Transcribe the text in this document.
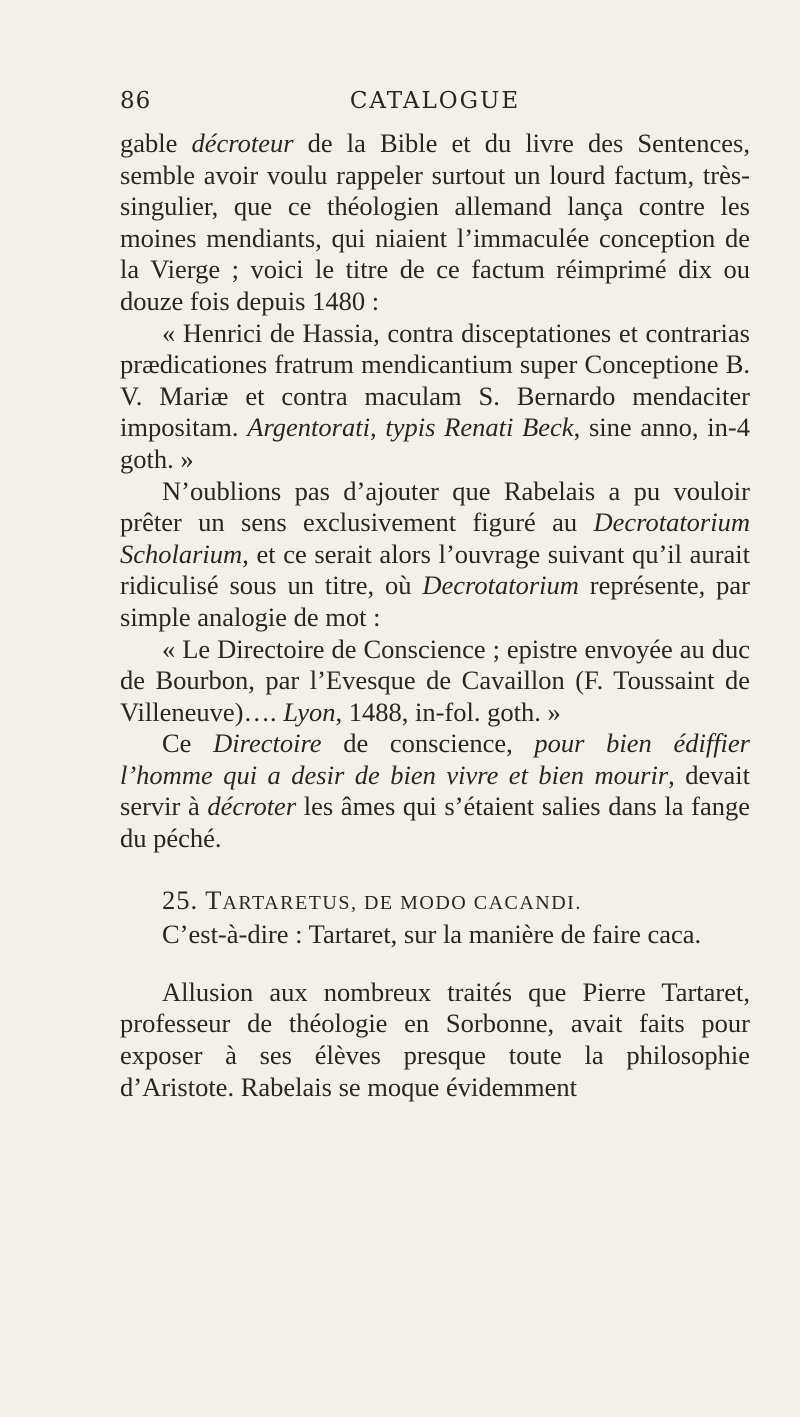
86	CATALOGUE

gable décroteur de la Bible et du livre des Sentences, semble avoir voulu rappeler surtout un lourd factum, très-singulier, que ce théologien allemand lança contre les moines mendiants, qui niaient l’immaculée conception de la Vierge ; voici le titre de ce factum réimprimé dix ou douze fois depuis 1480 :

« Henrici de Hassia, contra disceptationes et contrarias prædicationes fratrum mendicantium super Conceptione B. V. Mariæ et contra maculam S. Bernardo mendaciter impositam. Argentorati, typis Renati Beck, sine anno, in-4 goth. »

N’oublions pas d’ajouter que Rabelais a pu vouloir prêter un sens exclusivement figuré au Decrotatorium Scholarium, et ce serait alors l’ouvrage suivant qu’il aurait ridiculisé sous un titre, où Decrotatorium représente, par simple analogie de mot :

« Le Directoire de Conscience ; epistre envoyée au duc de Bourbon, par l’Evesque de Cavaillon (F. Toussaint de Villeneuve)…. Lyon, 1488, in-fol. goth. »

Ce Directoire de conscience, pour bien édiffier l’homme qui a desir de bien vivre et bien mourir, devait servir à décroter les âmes qui s’étaient salies dans la fange du péché.

25. TARTARETUS, DE MODO CACANDI.

C’est-à-dire : Tartaret, sur la manière de faire caca.

Allusion aux nombreux traités que Pierre Tartaret, professeur de théologie en Sorbonne, avait faits pour exposer à ses élèves presque toute la philosophie d’Aristote. Rabelais se moque évidemment
